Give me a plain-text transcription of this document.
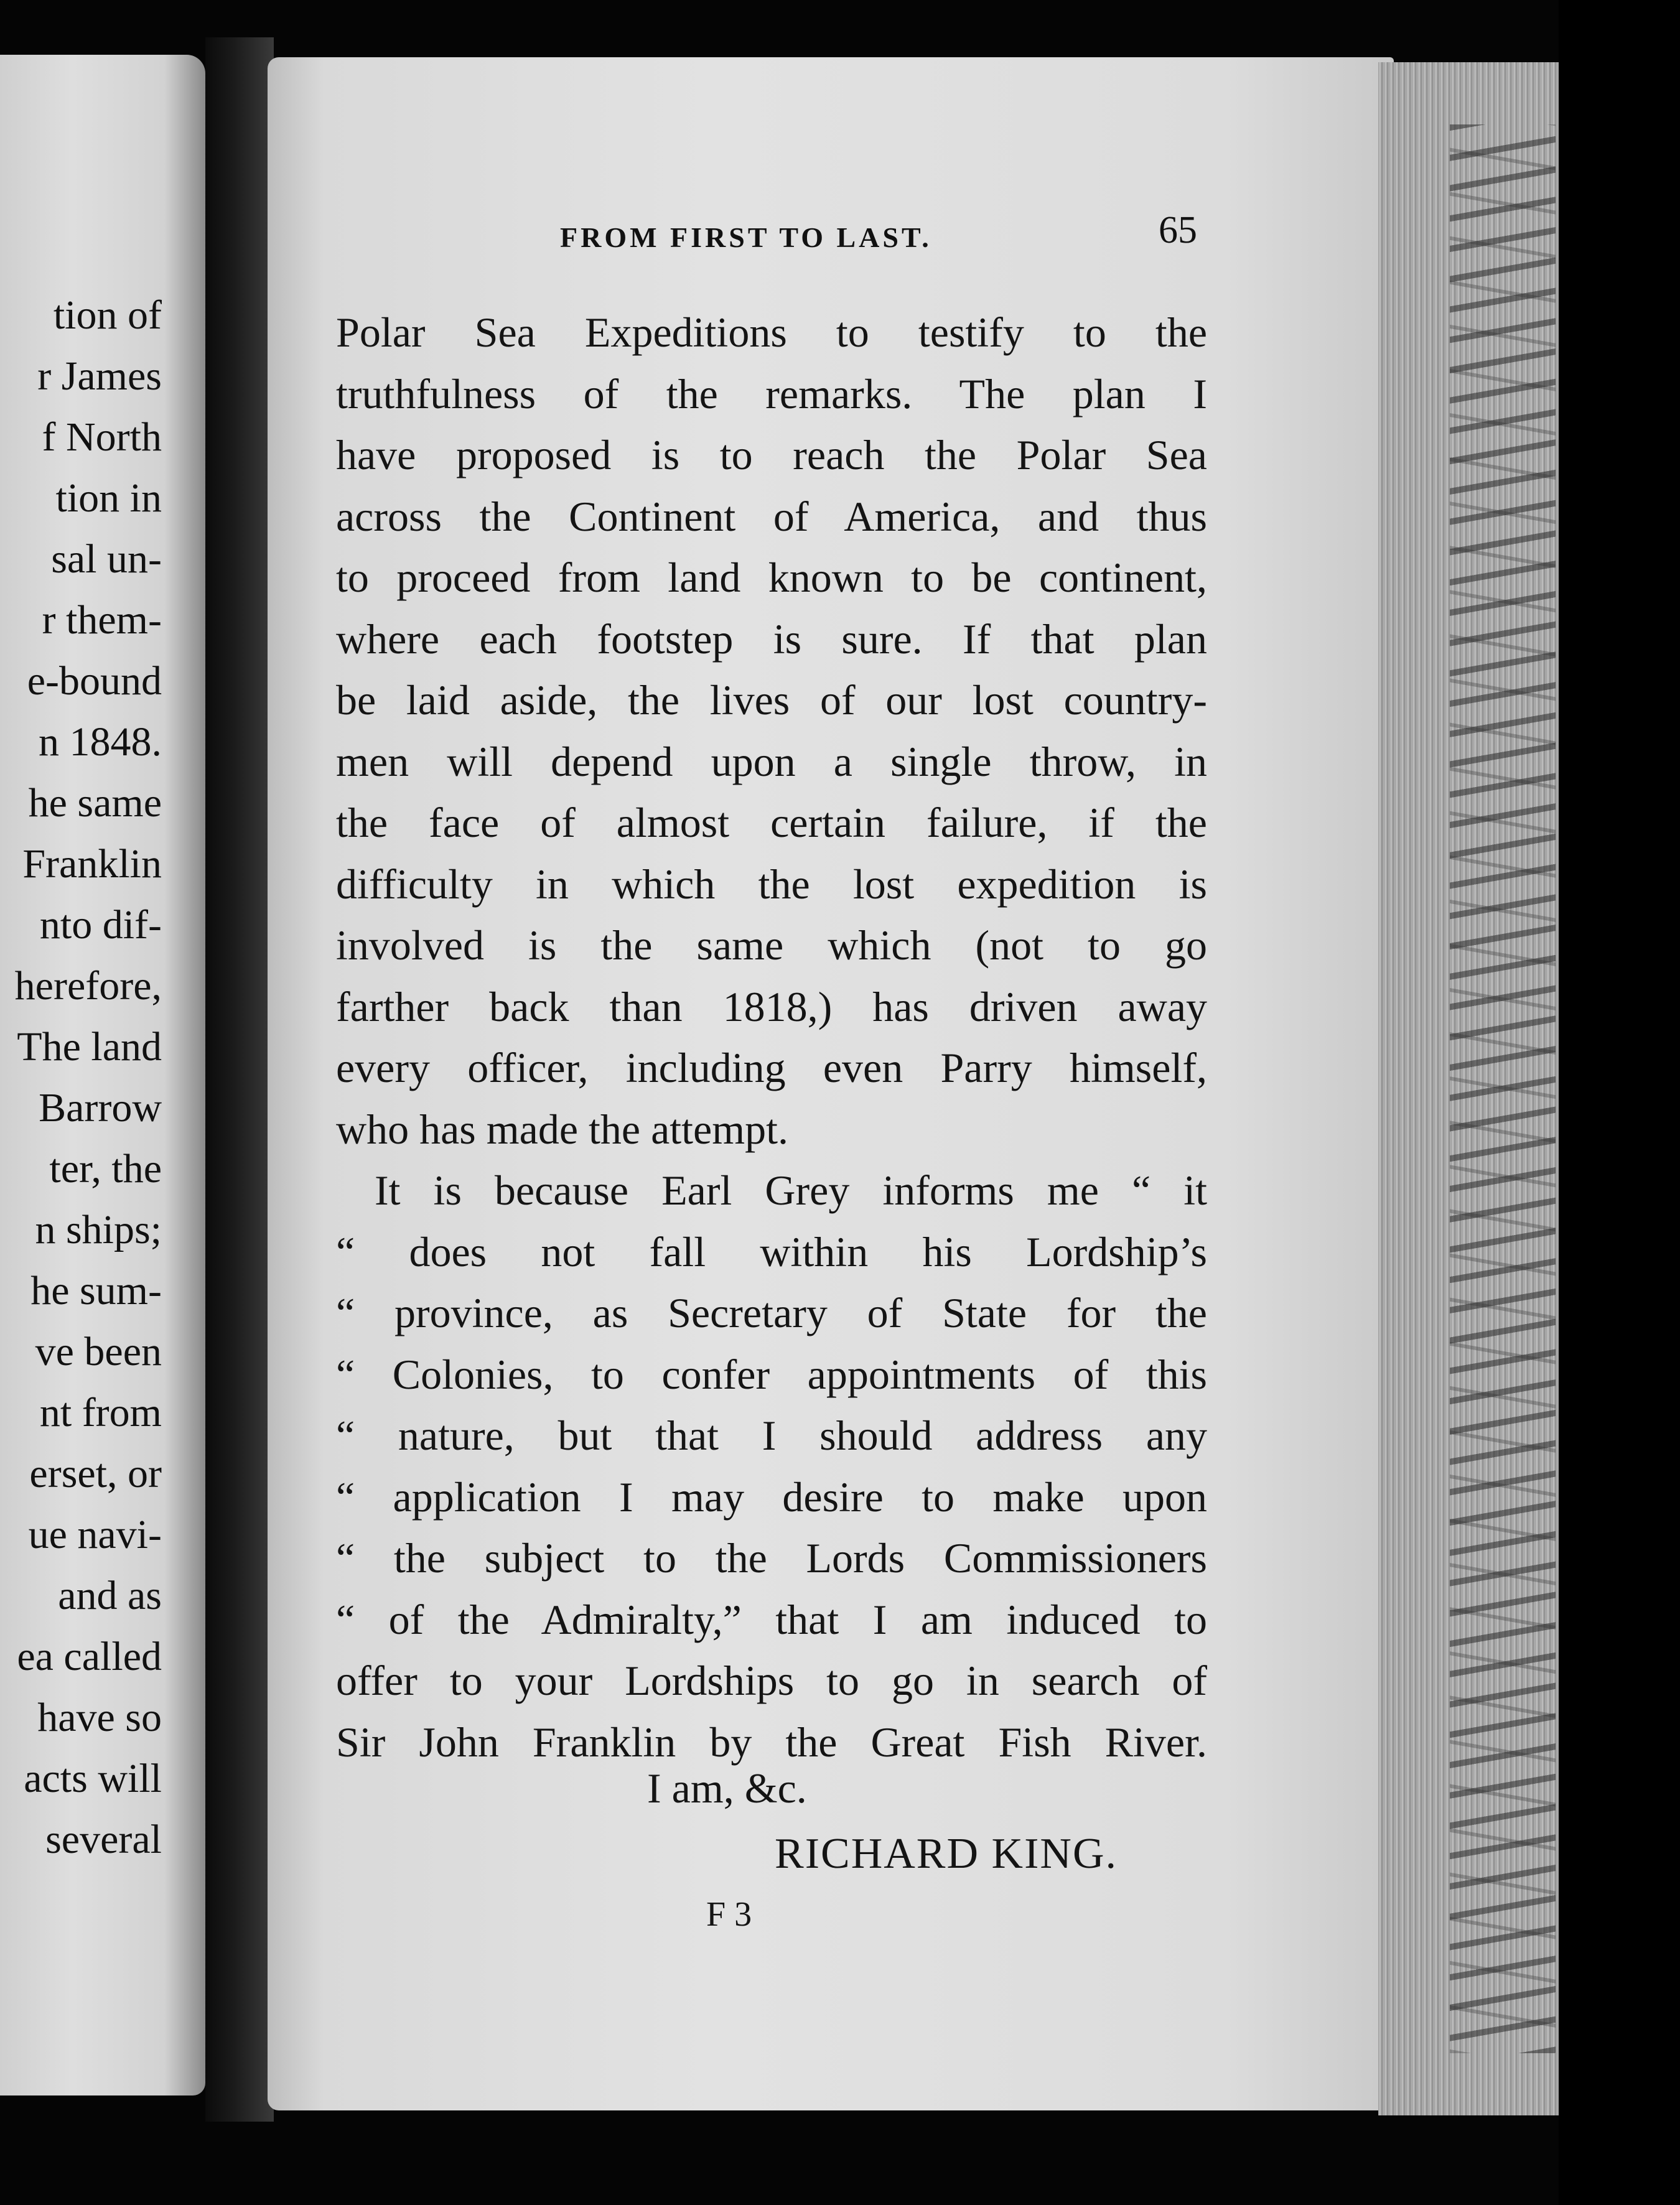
tion of
r James
f North
tion in
sal un-
r them-
e-bound
n 1848.
he same
Franklin
nto dif-
herefore,
The land
Barrow
ter, the
n ships;
he sum-
ve been
nt from
erset, or
ue navi-
and as
ea called
have so
acts will
several
FROM FIRST TO LAST.	65
Polar Sea Expeditions to testify to the
truthfulness of the remarks. The plan I
have proposed is to reach the Polar Sea
across the Continent of America, and thus
to proceed from land known to be continent,
where each footstep is sure. If that plan
be laid aside, the lives of our lost country-
men will depend upon a single throw, in
the face of almost certain failure, if the
difficulty in which the lost expedition is
involved is the same which (not to go
farther back than 1818,) has driven away
every officer, including even Parry himself,
who has made the attempt.
It is because Earl Grey informs me “ it
“ does not fall within his Lordship’s
“ province, as Secretary of State for the
“ Colonies, to confer appointments of this
“ nature, but that I should address any
“ application I may desire to make upon
“ the subject to the Lords Commissioners
“ of the Admiralty,” that I am induced to
offer to your Lordships to go in search of
Sir John Franklin by the Great Fish River.
I am, &c.
RICHARD KING.
F 3
